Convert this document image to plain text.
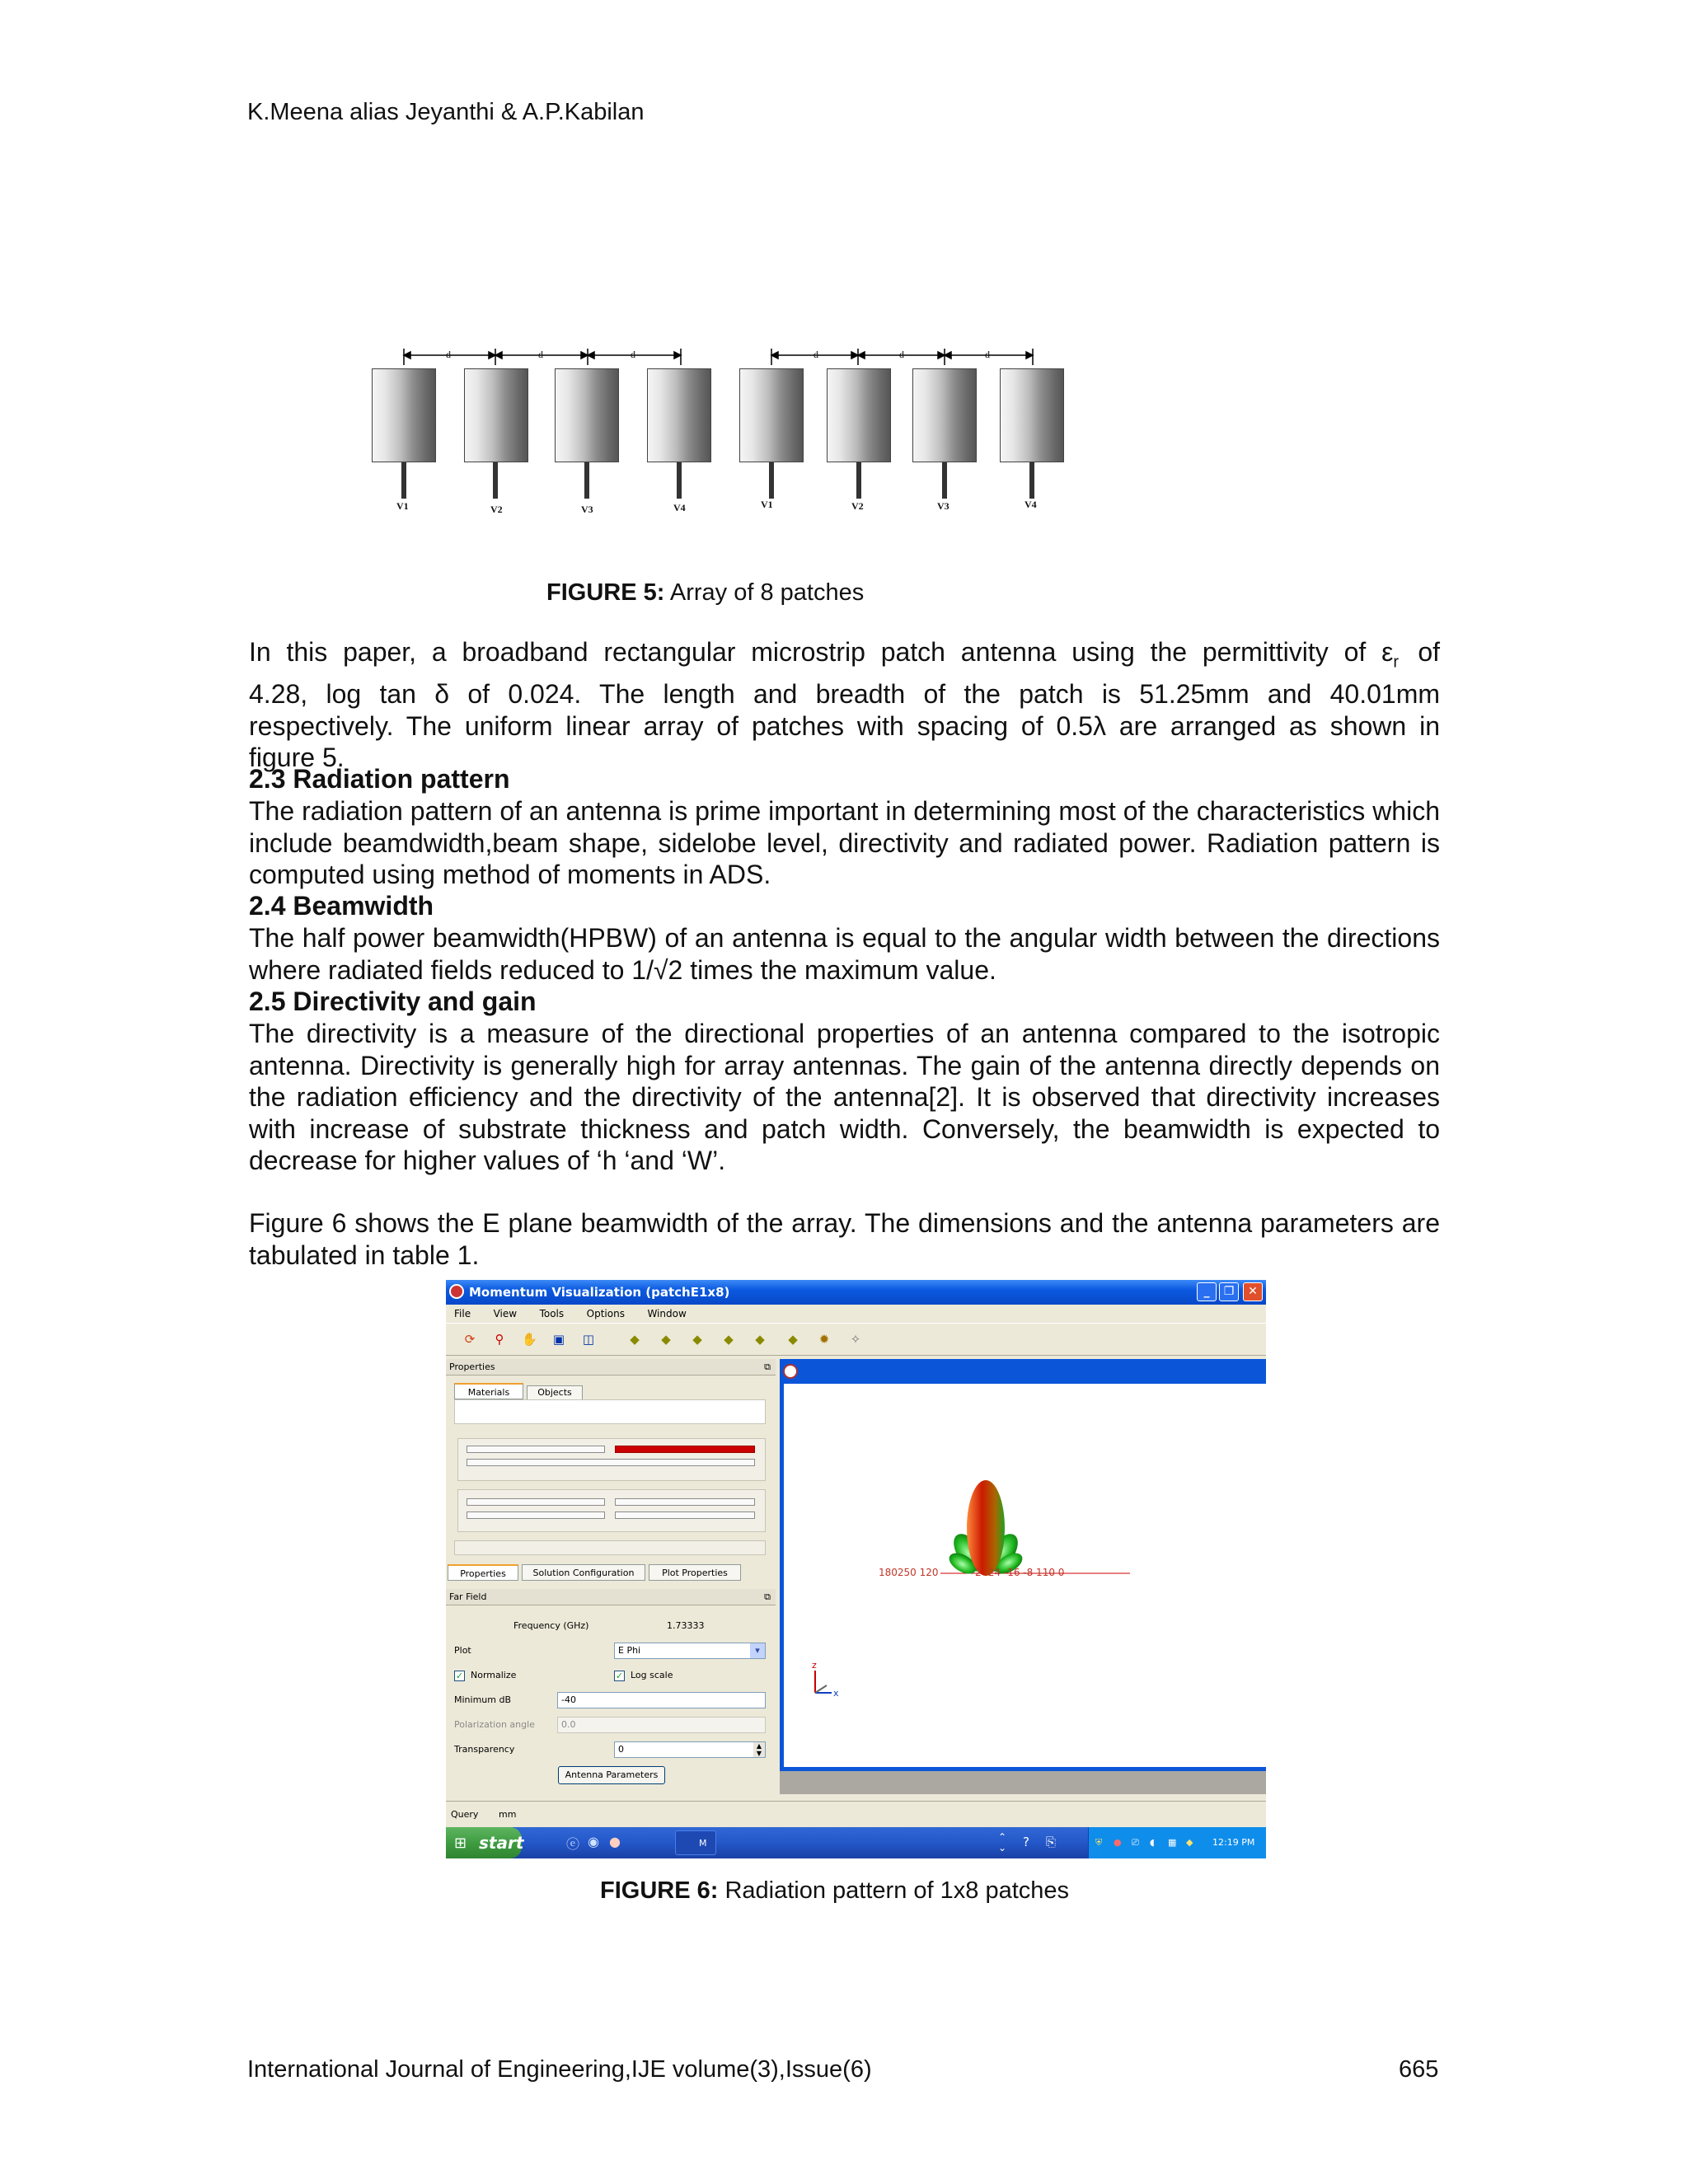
K.Meena alias Jeyanthi & A.P.Kabilan
V1	V2	V3	V4	V1	V2	V3	V4
d	d	d	d	d	d
FIGURE 5: Array of 8 patches
In this paper, a broadband rectangular microstrip patch antenna using the permittivity of $\varepsilon_r$ of
4.28, log tan δ of 0.024. The length and breadth of the patch is 51.25mm and 40.01mm
respectively. The uniform linear array of patches with spacing of 0.5λ are arranged as shown in
figure 5.
2.3 Radiation pattern
The radiation pattern of an antenna is prime important in determining most of the characteristics which include beamdwidth,beam shape, sidelobe level, directivity and radiated power. Radiation pattern is computed using method of moments in ADS.
2.4 Beamwidth
The half power beamwidth(HPBW) of an antenna is equal to the angular width between the directions where radiated fields reduced to 1/√2 times the maximum value.
2.5 Directivity and gain
The directivity is a measure of the directional properties of an antenna compared to the isotropic antenna. Directivity is generally high for array antennas. The gain of the antenna directly depends on the radiation efficiency and the directivity of the antenna[2]. It is observed that directivity increases with increase of substrate thickness and patch width. Conversely, the beamwidth is expected to decrease for higher values of ‘h ‘and ‘W’.
Figure 6 shows the E plane beamwidth of the array. The dimensions and the antenna parameters are tabulated in table 1.
Momentum Visualization (patchE1x8)	_	❐	✕
File View Tools Options Window
⟳ ⚲ ✋ ▣ ◫	◆ ◆ ◆ ◆ ◆ ◆ ✹ ✧
Properties	⧉
Materials	Objects
Properties	Solution Configuration	Plot Properties
Far Field	⧉
Frequency (GHz)	1.73333
Plot	E Phi	▾
✓ Normalize	✓ Log scale
Minimum dB	-40
Polarization angle	0.0
Transparency	0	▲
▼
Antenna Parameters
z
x
180250 120	2 -24 -16 -8 110 0
Query mm
start
⊞	ⓔ ◉ ●	M
⌃
⌄ ? ⎘	⛨ ● ⎚ ◖ ▦ ◆ 12:19 PM
FIGURE 6: Radiation pattern of 1x8 patches
International Journal of Engineering,IJE volume(3),Issue(6)	665
